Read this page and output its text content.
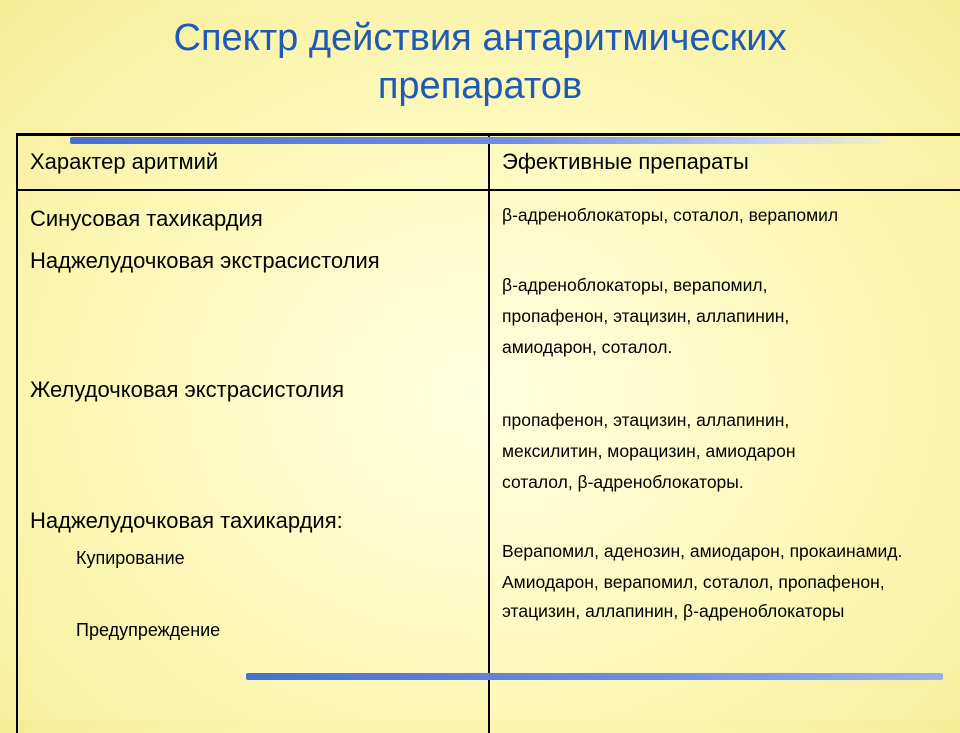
Спектр действия антаритмических
препаратов
Характер аритмий	Эфективные препараты
Синусовая тахикардия
Наджелудочковая экстрасистолия
Желудочковая экстрасистолия
Наджелудочковая тахикардия:
Купирование
Предупреждение
β-адреноблокаторы, соталол, верапомил
β-адреноблокаторы, верапомил,
пропафенон, этацизин, аллапинин,
амиодарон, соталол.
пропафенон, этацизин, аллапинин,
мексилитин, морацизин, амиодарон
соталол, β-адреноблокаторы.
Верапомил, аденозин, амиодарон, прокаинамид.
Амиодарон, верапомил, соталол, пропафенон,
этацизин, аллапинин, β-адреноблокаторы
